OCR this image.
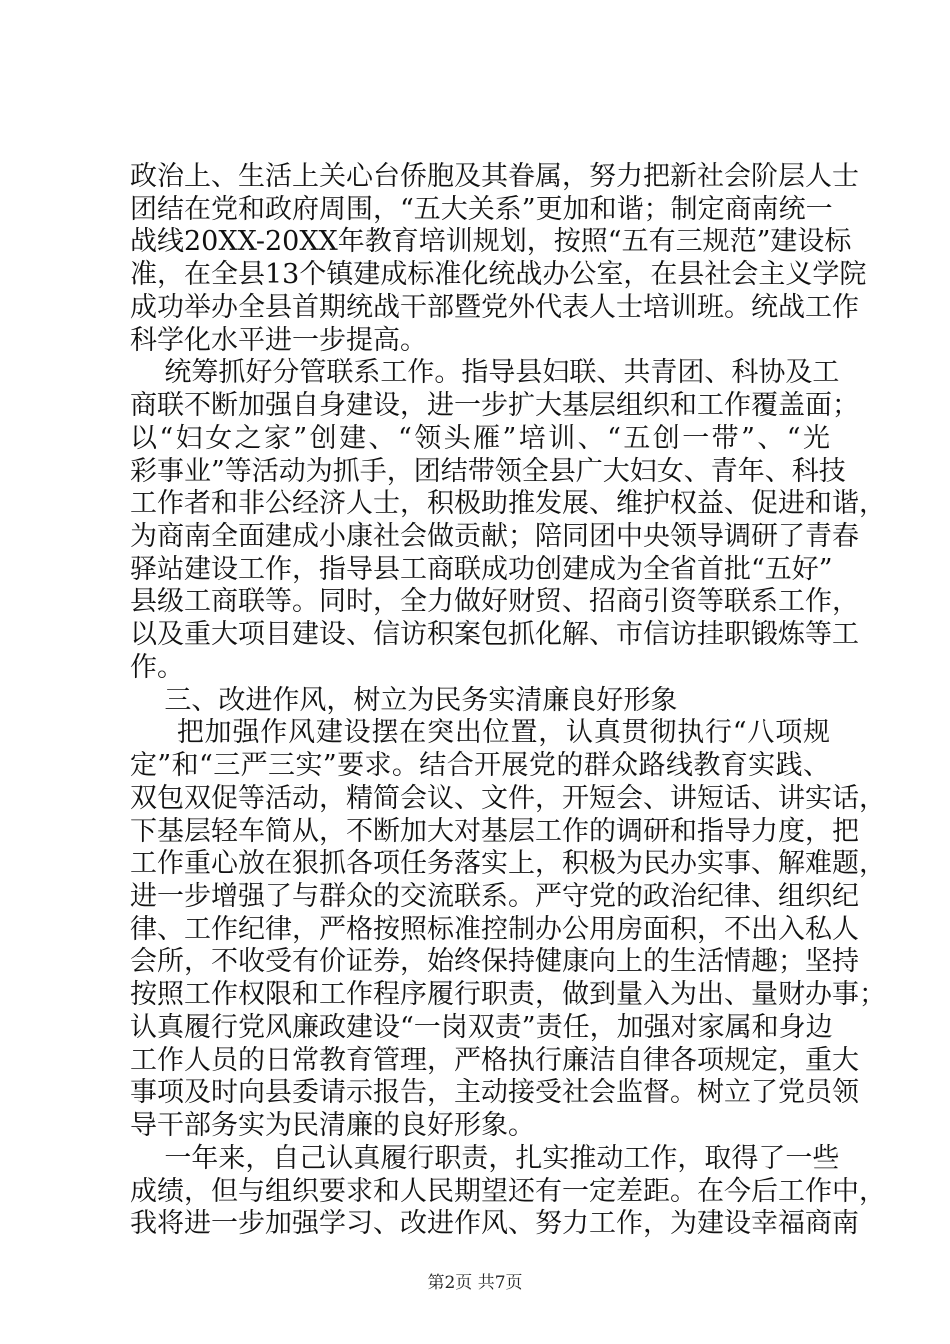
政治上、生活上关心台侨胞及其眷属，努力把新社会阶层人士
团结在党和政府周围，“五大关系”更加和谐；制定商南统一
战线20XX-20XX年教育培训规划，按照“五有三规范”建设标
准，在全县13个镇建成标准化统战办公室，在县社会主义学院
成功举办全县首期统战干部暨党外代表人士培训班。统战工作
科学化水平进一步提高。
统筹抓好分管联系工作。指导县妇联、共青团、科协及工
商联不断加强自身建设，进一步扩大基层组织和工作覆盖面；
以“妇女之家”创建、“领头雁”培训、“五创一带”、“光
彩事业”等活动为抓手，团结带领全县广大妇女、青年、科技
工作者和非公经济人士，积极助推发展、维护权益、促进和谐，
为商南全面建成小康社会做贡献；陪同团中央领导调研了青春
驿站建设工作，指导县工商联成功创建成为全省首批“五好”
县级工商联等。同时，全力做好财贸、招商引资等联系工作，
以及重大项目建设、信访积案包抓化解、市信访挂职锻炼等工
作。
三、改进作风，树立为民务实清廉良好形象
把加强作风建设摆在突出位置，认真贯彻执行“八项规
定”和“三严三实”要求。结合开展党的群众路线教育实践、
双包双促等活动，精简会议、文件，开短会、讲短话、讲实话，
下基层轻车简从，不断加大对基层工作的调研和指导力度，把
工作重心放在狠抓各项任务落实上，积极为民办实事、解难题，
进一步增强了与群众的交流联系。严守党的政治纪律、组织纪
律、工作纪律，严格按照标准控制办公用房面积，不出入私人
会所，不收受有价证券，始终保持健康向上的生活情趣；坚持
按照工作权限和工作程序履行职责，做到量入为出、量财办事；
认真履行党风廉政建设“一岗双责”责任，加强对家属和身边
工作人员的日常教育管理，严格执行廉洁自律各项规定，重大
事项及时向县委请示报告，主动接受社会监督。树立了党员领
导干部务实为民清廉的良好形象。
一年来，自己认真履行职责，扎实推动工作，取得了一些
成绩，但与组织要求和人民期望还有一定差距。在今后工作中，
我将进一步加强学习、改进作风、努力工作，为建设幸福商南
第2页 共7页
